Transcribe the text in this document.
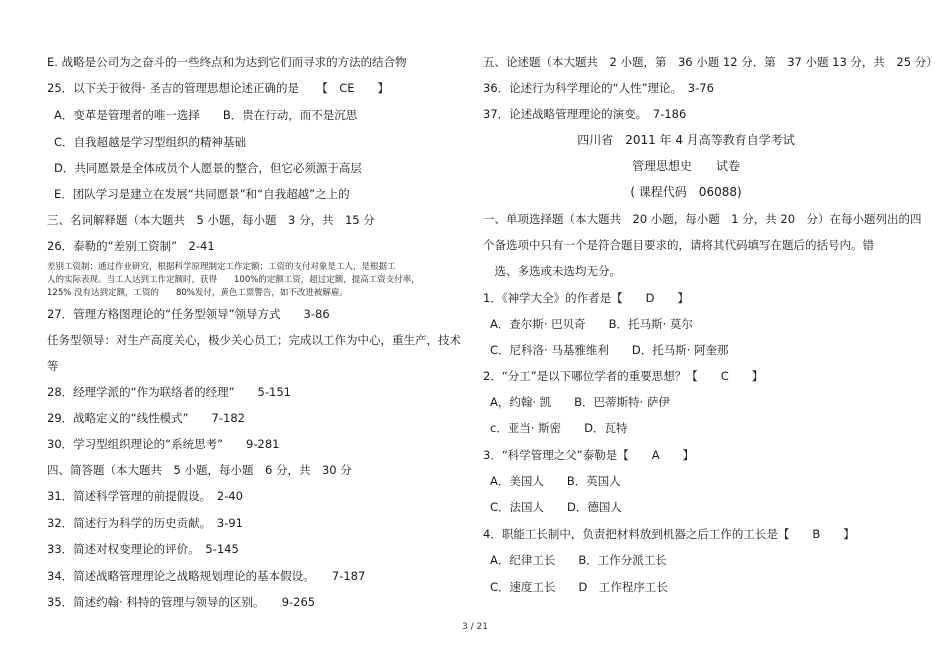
E. 战略是公司为之奋斗的一些终点和为达到它们而寻求的方法的结合物
25．以下关于彼得· 圣吉的管理思想论述正确的是　　【　CE　　】
A．变革是管理者的唯一选择　　B．贵在行动，而不是沉思
C．自我超越是学习型组织的精神基础
D．共同愿景是全体成员个人愿景的整合，但它必须源于高层
E．团队学习是建立在发展“共同愿景”和“自我超越”之上的
三、名词解释题（本大题共　5 小题，每小题　3 分，共　15 分
26．泰勒的“差别工资制”　2-41
差别工资制：通过作业研究，根据科学原理制定工作定额；工资的支付对象是工人，是根据工
人的实际表现。当工人达到工作定额时，获得　　100%的定额工资，超过定额，提高工资支付率，
125% 没有达到定额，工资的　　80%发付，黄色工票警告，如不改进被解雇。
27．管理方格图理论的“任务型领导”领导方式　　3-86
任务型领导：对生产高度关心，极少关心员工；完成以工作为中心，重生产，技术
等
28．经理学派的“作为联络者的经理”　　5-151
29．战略定义的“线性模式”　　7-182
30．学习型组织理论的“系统思考”　　9-281
四、简答题（本大题共　5 小题，每小题　6 分，共　30 分
31．简述科学管理的前提假设。　2-40
32．简述行为科学的历史贡献。　3-91
33．简述对权变理论的评价。　5-145
34．简述战略管理理论之战略规划理论的基本假设。　　7-187
35．简述约翰· 科特的管理与领导的区别。　　9-265
五、论述题（本大题共　2 小题，第　36 小题 12 分．第　37 小题 13 分，共　25 分）
36．论述行为科学理论的“人性”理论。　3-76
37．论述战略管理理论的演变。　7-186
四川省　2011 年 4 月高等教育自学考试
管理思想史　　试卷
( 课程代码　06088)
一、单项选择题（本大题共　20 小题，每小题　1 分，共 20　分）在每小题列出的四
个备选项中只有一个是符合题目要求的，请将其代码填写在题后的括号内。错
　选、多选或未选均无分。
1．《神学大全》的作者是【　　D　　】
A．查尔斯· 巴贝奇　　B．托马斯· 莫尔
C．尼科洛· 马基雅维利　　D．托马斯· 阿奎那
2．“分工”是以下哪位学者的重要思想？【　　C　　】
A，约翰· 凯　　B．巴蒂斯特· 萨伊
c．亚当· 斯密　　D．瓦特
3．“科学管理之父”泰勒是【　　A　　】
A．美国人　　B．英国人
C．法国人　　D．德国人
4．职能工长制中，负责把材料放到机器之后工作的工长是【　　B　　】
A．纪律工长　　B．工作分派工长
C．速度工长　　D　工作程序工长
3 / 21
